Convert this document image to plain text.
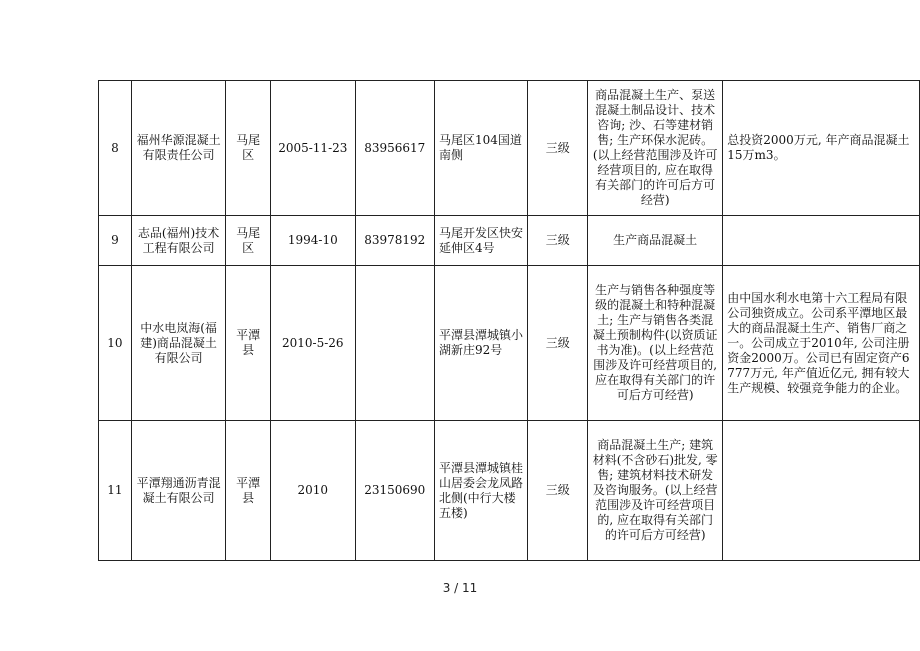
8	福州华源混凝土有限责任公司	马尾区	2005-11-23	83956617	马尾区104国道南侧	三级	商品混凝土生产、泵送混凝土制品设计、技术咨询; 沙、石等建材销售; 生产环保水泥砖。(以上经营范围涉及许可经营项目的, 应在取得有关部门的许可后方可经营)	总投资2000万元, 年产商品混凝土15万m3。
9	志品(福州)技术工程有限公司	马尾区	1994-10	83978192	马尾开发区快安延伸区4号	三级	生产商品混凝土	
10	中水电岚海(福建)商品混凝土有限公司	平潭县	2010-5-26		平潭县潭城镇小湖新庄92号	三级	生产与销售各种强度等级的混凝土和特种混凝土; 生产与销售各类混凝土预制构件(以资质证书为准)。(以上经营范围涉及许可经营项目的, 应在取得有关部门的许可后方可经营)	由中国水利水电第十六工程局有限公司独资成立。公司系平潭地区最大的商品混凝土生产、销售厂商之一。公司成立于2010年, 公司注册资金2000万。公司已有固定资产6777万元, 年产值近亿元, 拥有较大生产规模、较强竞争能力的企业。
11	平潭翔通沥青混凝土有限公司	平潭县	2010	23150690	平潭县潭城镇桂山居委会龙凤路北侧(中行大楼五楼)	三级	商品混凝土生产; 建筑材料(不含砂石)批发, 零售; 建筑材料技术研发及咨询服务。(以上经营范围涉及许可经营项目的, 应在取得有关部门的许可后方可经营)	
3 / 11
